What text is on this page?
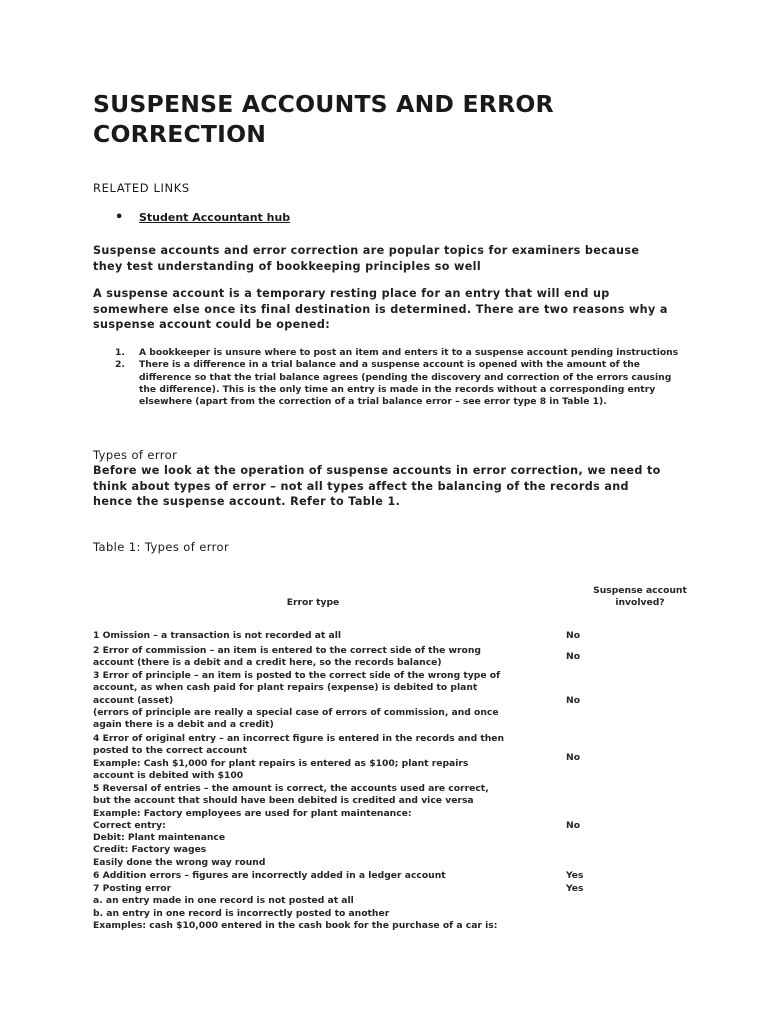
SUSPENSE ACCOUNTS AND ERROR CORRECTION

RELATED LINKS

• Student Accountant hub

Suspense accounts and error correction are popular topics for examiners because they test understanding of bookkeeping principles so well

A suspense account is a temporary resting place for an entry that will end up somewhere else once its final destination is determined. There are two reasons why a suspense account could be opened:

1. A bookkeeper is unsure where to post an item and enters it to a suspense account pending instructions
2. There is a difference in a trial balance and a suspense account is opened with the amount of the difference so that the trial balance agrees (pending the discovery and correction of the errors causing the difference). This is the only time an entry is made in the records without a corresponding entry elsewhere (apart from the correction of a trial balance error – see error type 8 in Table 1).

Types of error

Before we look at the operation of suspense accounts in error correction, we need to think about types of error – not all types affect the balancing of the records and hence the suspense account. Refer to Table 1.

Table 1: Types of error

Error type
Suspense account involved?
1 Omission – a transaction is not recorded at all	No
2 Error of commission – an item is entered to the correct side of the wrong
account (there is a debit and a credit here, so the records balance)
No
3 Error of principle – an item is posted to the correct side of the wrong type of
account, as when cash paid for plant repairs (expense) is debited to plant
account (asset)
(errors of principle are really a special case of errors of commission, and once
again there is a debit and a credit)
No
4 Error of original entry – an incorrect figure is entered in the records and then
posted to the correct account
Example: Cash $1,000 for plant repairs is entered as $100; plant repairs
account is debited with $100
No
5 Reversal of entries – the amount is correct, the accounts used are correct,
but the account that should have been debited is credited and vice versa
Example: Factory employees are used for plant maintenance:
Correct entry:
Debit: Plant maintenance
Credit: Factory wages
Easily done the wrong way round
No
6 Addition errors – figures are incorrectly added in a ledger account	Yes
7 Posting error
a. an entry made in one record is not posted at all
b. an entry in one record is incorrectly posted to another
Examples: cash $10,000 entered in the cash book for the purchase of a car is:
Yes
